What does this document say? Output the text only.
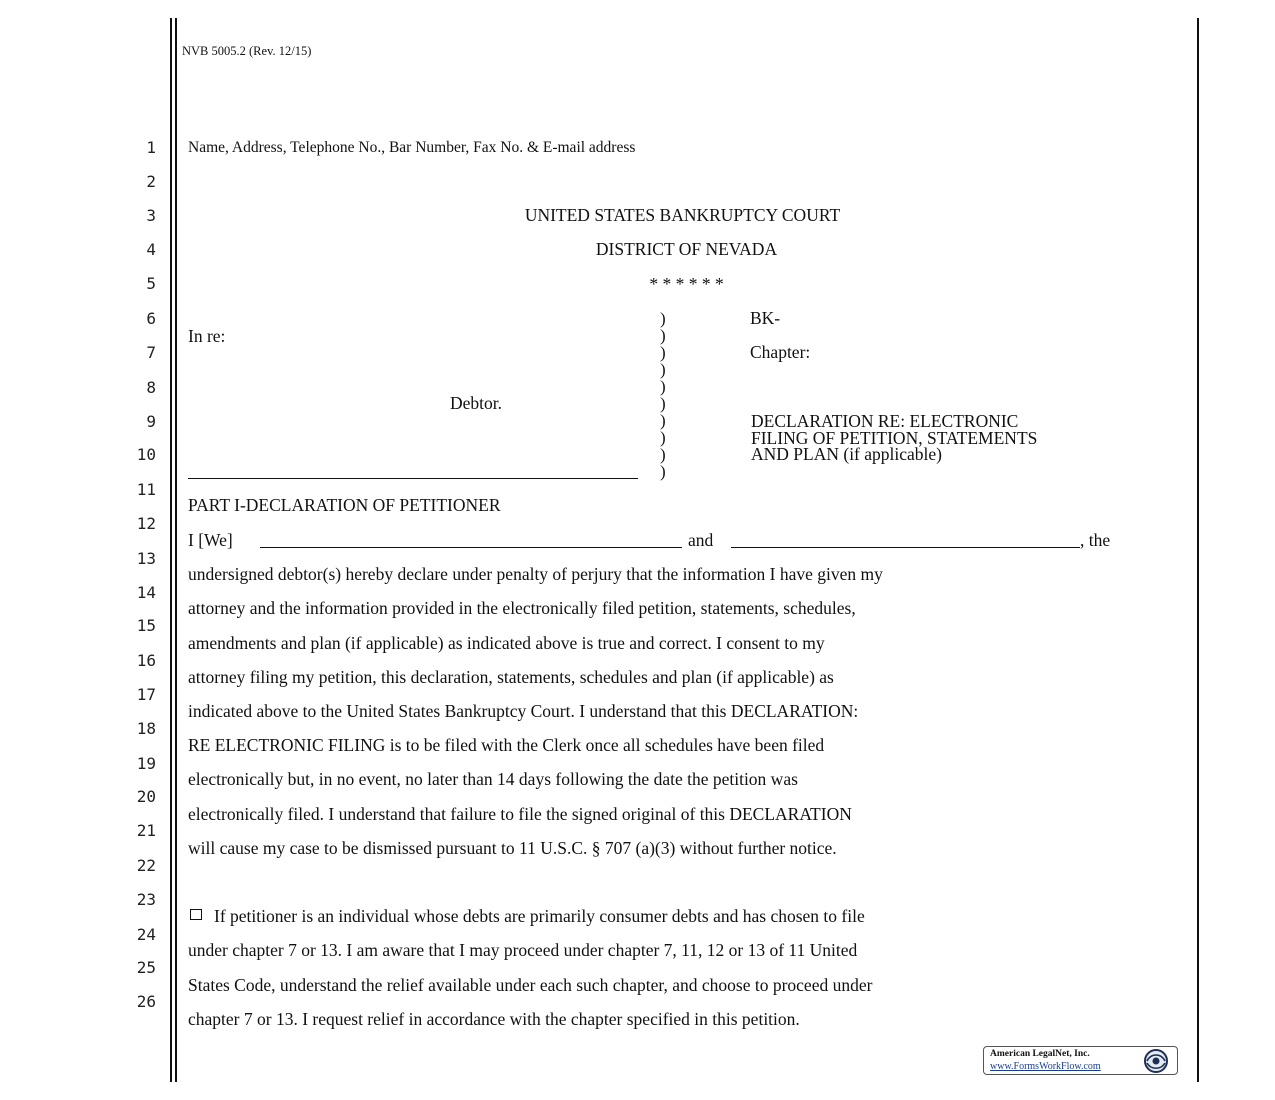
NVB 5005.2 (Rev. 12/15)
1
2
3
4
5
6
7
8
9
10
11
12
13
14
15
16
17
18
19
20
21
22
23
24
25
26
Name, Address, Telephone No., Bar Number, Fax No. & E-mail address
UNITED STATES BANKRUPTCY COURT
DISTRICT OF NEVADA
* * * * * *
In re:
Debtor.
)
)
)
)
)
)
)
)
)
)
BK-
Chapter:
DECLARATION RE: ELECTRONIC
FILING OF PETITION, STATEMENTS
AND PLAN (if applicable)
PART I-DECLARATION OF PETITIONER
I [We]	and	, the
undersigned debtor(s) hereby declare under penalty of perjury that the information I have given my
attorney and the information provided in the electronically filed petition, statements, schedules,
amendments and plan (if applicable) as indicated above is true and correct. I consent to my
attorney filing my petition, this declaration, statements, schedules and plan (if applicable) as
indicated above to the United States Bankruptcy Court. I understand that this DECLARATION:
RE ELECTRONIC FILING is to be filed with the Clerk once all schedules have been filed
electronically but, in no event, no later than 14 days following the date the petition was
electronically filed. I understand that failure to file the signed original of this DECLARATION
will cause my case to be dismissed pursuant to 11 U.S.C. § 707 (a)(3) without further notice.
If petitioner is an individual whose debts are primarily consumer debts and has chosen to file
under chapter 7 or 13. I am aware that I may proceed under chapter 7, 11, 12 or 13 of 11 United
States Code, understand the relief available under each such chapter, and choose to proceed under
chapter 7 or 13. I request relief in accordance with the chapter specified in this petition.
American LegalNet, Inc.
www.FormsWorkFlow.com
